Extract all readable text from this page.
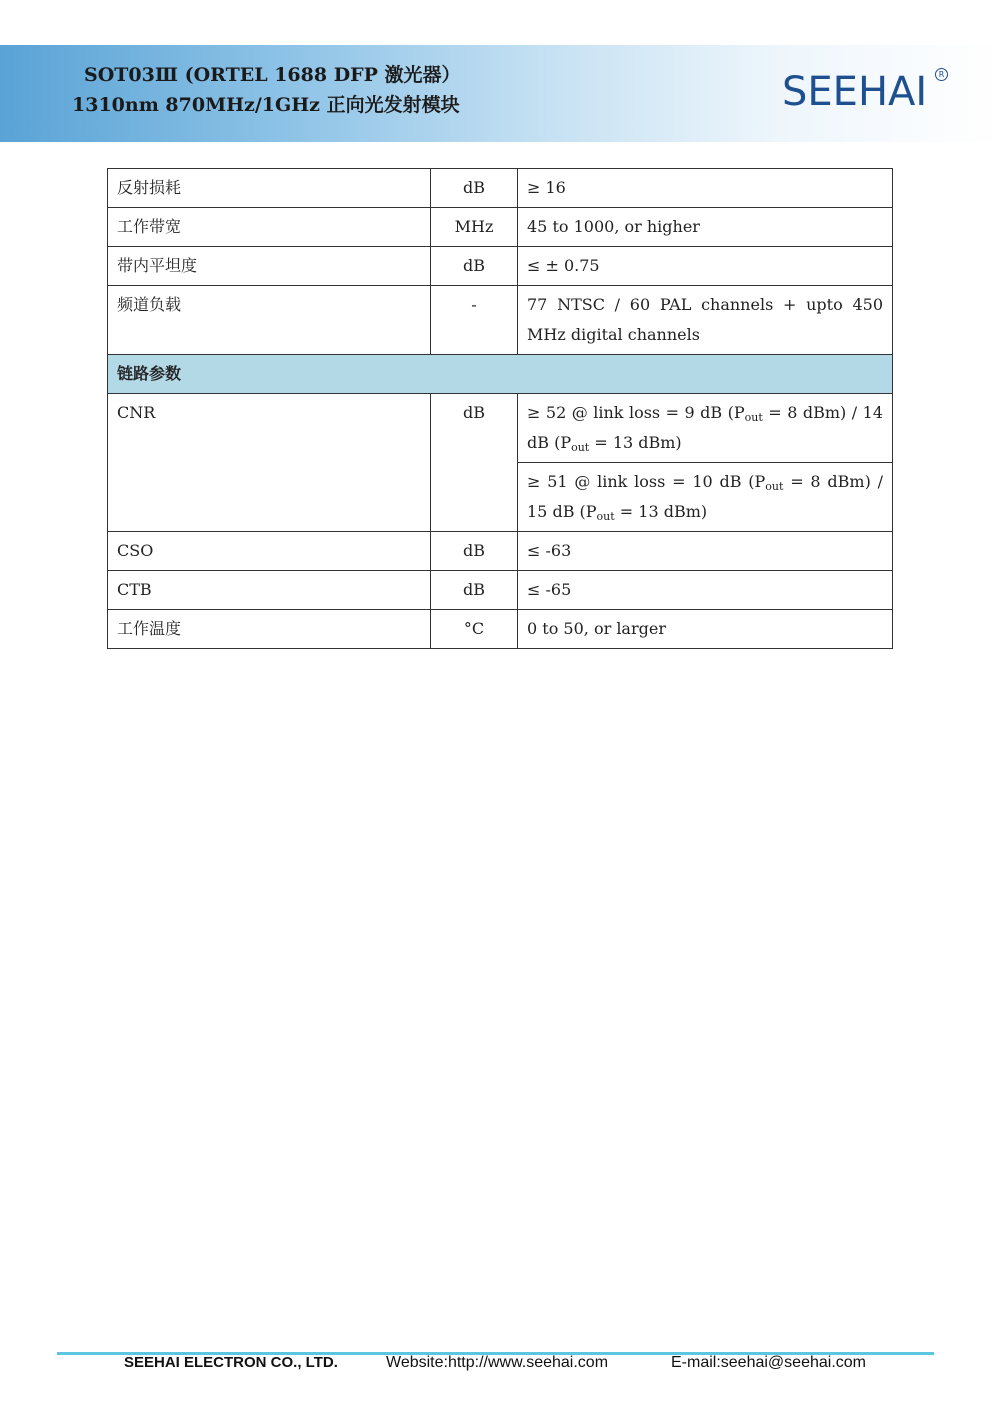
SOT03Ⅲ (ORTEL 1688 DFP 激光器）
1310nm 870MHz/1GHz 正向光发射模块	SEEHAI	R
反射损耗	dB	≥ 16
工作带宽	MHz	45 to 1000, or higher
带内平坦度	dB	≤ ± 0.75
频道负载	-	77 NTSC / 60 PAL channels + upto 450 MHz digital channels
链路参数		
CNR	dB	≥ 52 @ link loss = 9 dB ($P_{out} = 8$ dBm) / 14 dB ($P_{out} = 13$ dBm)
		≥ 51 @ link loss = 10 dB ($P_{out} = 8$ dBm) / 15 dB ($P_{out} = 13$ dBm)
CSO	dB	≤ -63
CTB	dB	≤ -65
工作温度	°C	0 to 50, or larger
SEEHAI ELECTRON CO., LTD.	Website:http://www.seehai.com	E-mail:seehai@seehai.com
